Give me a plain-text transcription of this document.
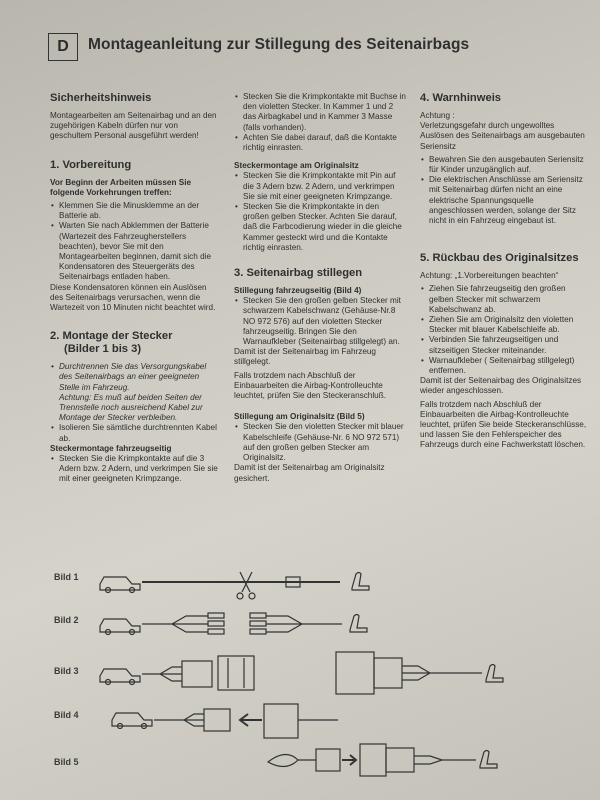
D Montageanleitung zur Stillegung des Seitenairbags
Sicherheitshinweis

Montagearbeiten am Seitenairbag und an den zugehörigen Kabeln dürfen nur von geschultem Personal ausgeführt werden!

1. Vorbereitung

Vor Beginn der Arbeiten müssen Sie folgende Vorkehrungen treffen:

• Klemmen Sie die Minusklemme an der Batterie ab.
• Warten Sie nach Abklemmen der Batterie (Wartezeit des Fahrzeugherstellers beachten), bevor Sie mit den Montagearbeiten beginnen, damit sich die Kondensatoren des Steuergeräts des Seitenairbags entladen haben.

Diese Kondensatoren können ein Auslösen des Seitenairbags verursachen, wenn die Wartezeit von 10 Minuten nicht beachtet wird.

2. Montage der Stecker
(Bilder 1 bis 3)
• Durchtrennen Sie das Versorgungskabel des Seitenairbags an einer geeigneten Stelle im Fahrzeug.
Achtung: Es muß auf beiden Seiten der Trennstelle noch ausreichend Kabel zur Montage der Stecker verbleiben.
• Isolieren Sie sämtliche durchtrennten Kabel ab.

Steckermontage fahrzeugseitig

• Stecken Sie die Krimpkontakte auf die 3 Adern bzw. 2 Adern, und verkrimpen Sie sie mit einer geeigneten Krimpzange.
• Stecken Sie die Krimpkontakte mit Buchse in den violetten Stecker. In Kammer 1 und 2 das Airbagkabel und in Kammer 3 Masse (falls vorhanden).
• Achten Sie dabei darauf, daß die Kontakte richtig einrasten.

Steckermontage am Originalsitz

• Stecken Sie die Krimpkontakte mit Pin auf die 3 Adern bzw. 2 Adern, und verkrimpen Sie sie mit einer geeigneten Krimpzange.
• Stecken Sie die Krimpkontakte in den großen gelben Stecker. Achten Sie darauf, daß die Farbcodierung wieder in die gleiche Kammer gesteckt wird und die Kontakte richtig einrasten.
3. Seitenairbag stillegen

Stillegung fahrzeugseitig (Bild 4)

• Stecken Sie den großen gelben Stecker mit schwarzem Kabelschwanz (Gehäuse-Nr.8 NO 972 576) auf den violetten Stecker fahrzeugseitig. Bringen Sie den Warnaufkleber (Seitenairbag stillgelegt) an.

Damit ist der Seitenairbag im Fahrzeug stillgelegt.

Falls trotzdem nach Abschluß der Einbauarbeiten die Airbag-Kontrolleuchte leuchtet, prüfen Sie den Steckeranschluß.

Stillegung am Originalsitz (Bild 5)

• Stecken Sie den violetten Stecker mit blauer Kabelschleife (Gehäuse-Nr. 6 NO 972 571) auf den großen gelben Stecker am Originalsitz.

Damit ist der Seitenairbag am Originalsitz gesichert.

4. Warnhinweis

Achtung :

Verletzungsgefahr durch ungewolltes Auslösen des Seitenairbags am ausgebauten Seriensitz

• Bewahren Sie den ausgebauten Seriensitz für Kinder unzugänglich auf.
• Die elektrischen Anschlüsse am Seriensitz mit Seitenairbag dürfen nicht an eine elektrische Spannungsquelle angeschlossen werden, solange der Sitz nicht in ein Fahrzeug eingebaut ist.
5. Rückbau des Originalsitzes

Achtung: „1.Vorbereitungen beachten“

• Ziehen Sie fahrzeugseitig den großen gelben Stecker mit schwarzem Kabelschwanz ab.
• Ziehen Sie am Originalsitz den violetten Stecker mit blauer Kabelschleife ab.
• Verbinden Sie fahrzeugseitigen und sitzseitigen Stecker miteinander.
• Warnaufkleber ( Seitenairbag stillgelegt) entfernen.

Damit ist der Seitenairbag des Originalsitzes wieder angeschlossen.

Falls trotzdem nach Abschluß der Einbauarbeiten die Airbag-Kontrolleuchte leuchtet, prüfen Sie beide Steckeranschlüsse, und lassen Sie den Fehlerspeicher des Fahrzeugs durch eine Fachwerkstatt löschen.

Bild 1
Bild 2
Bild 3
Bild 4
Bild 5
